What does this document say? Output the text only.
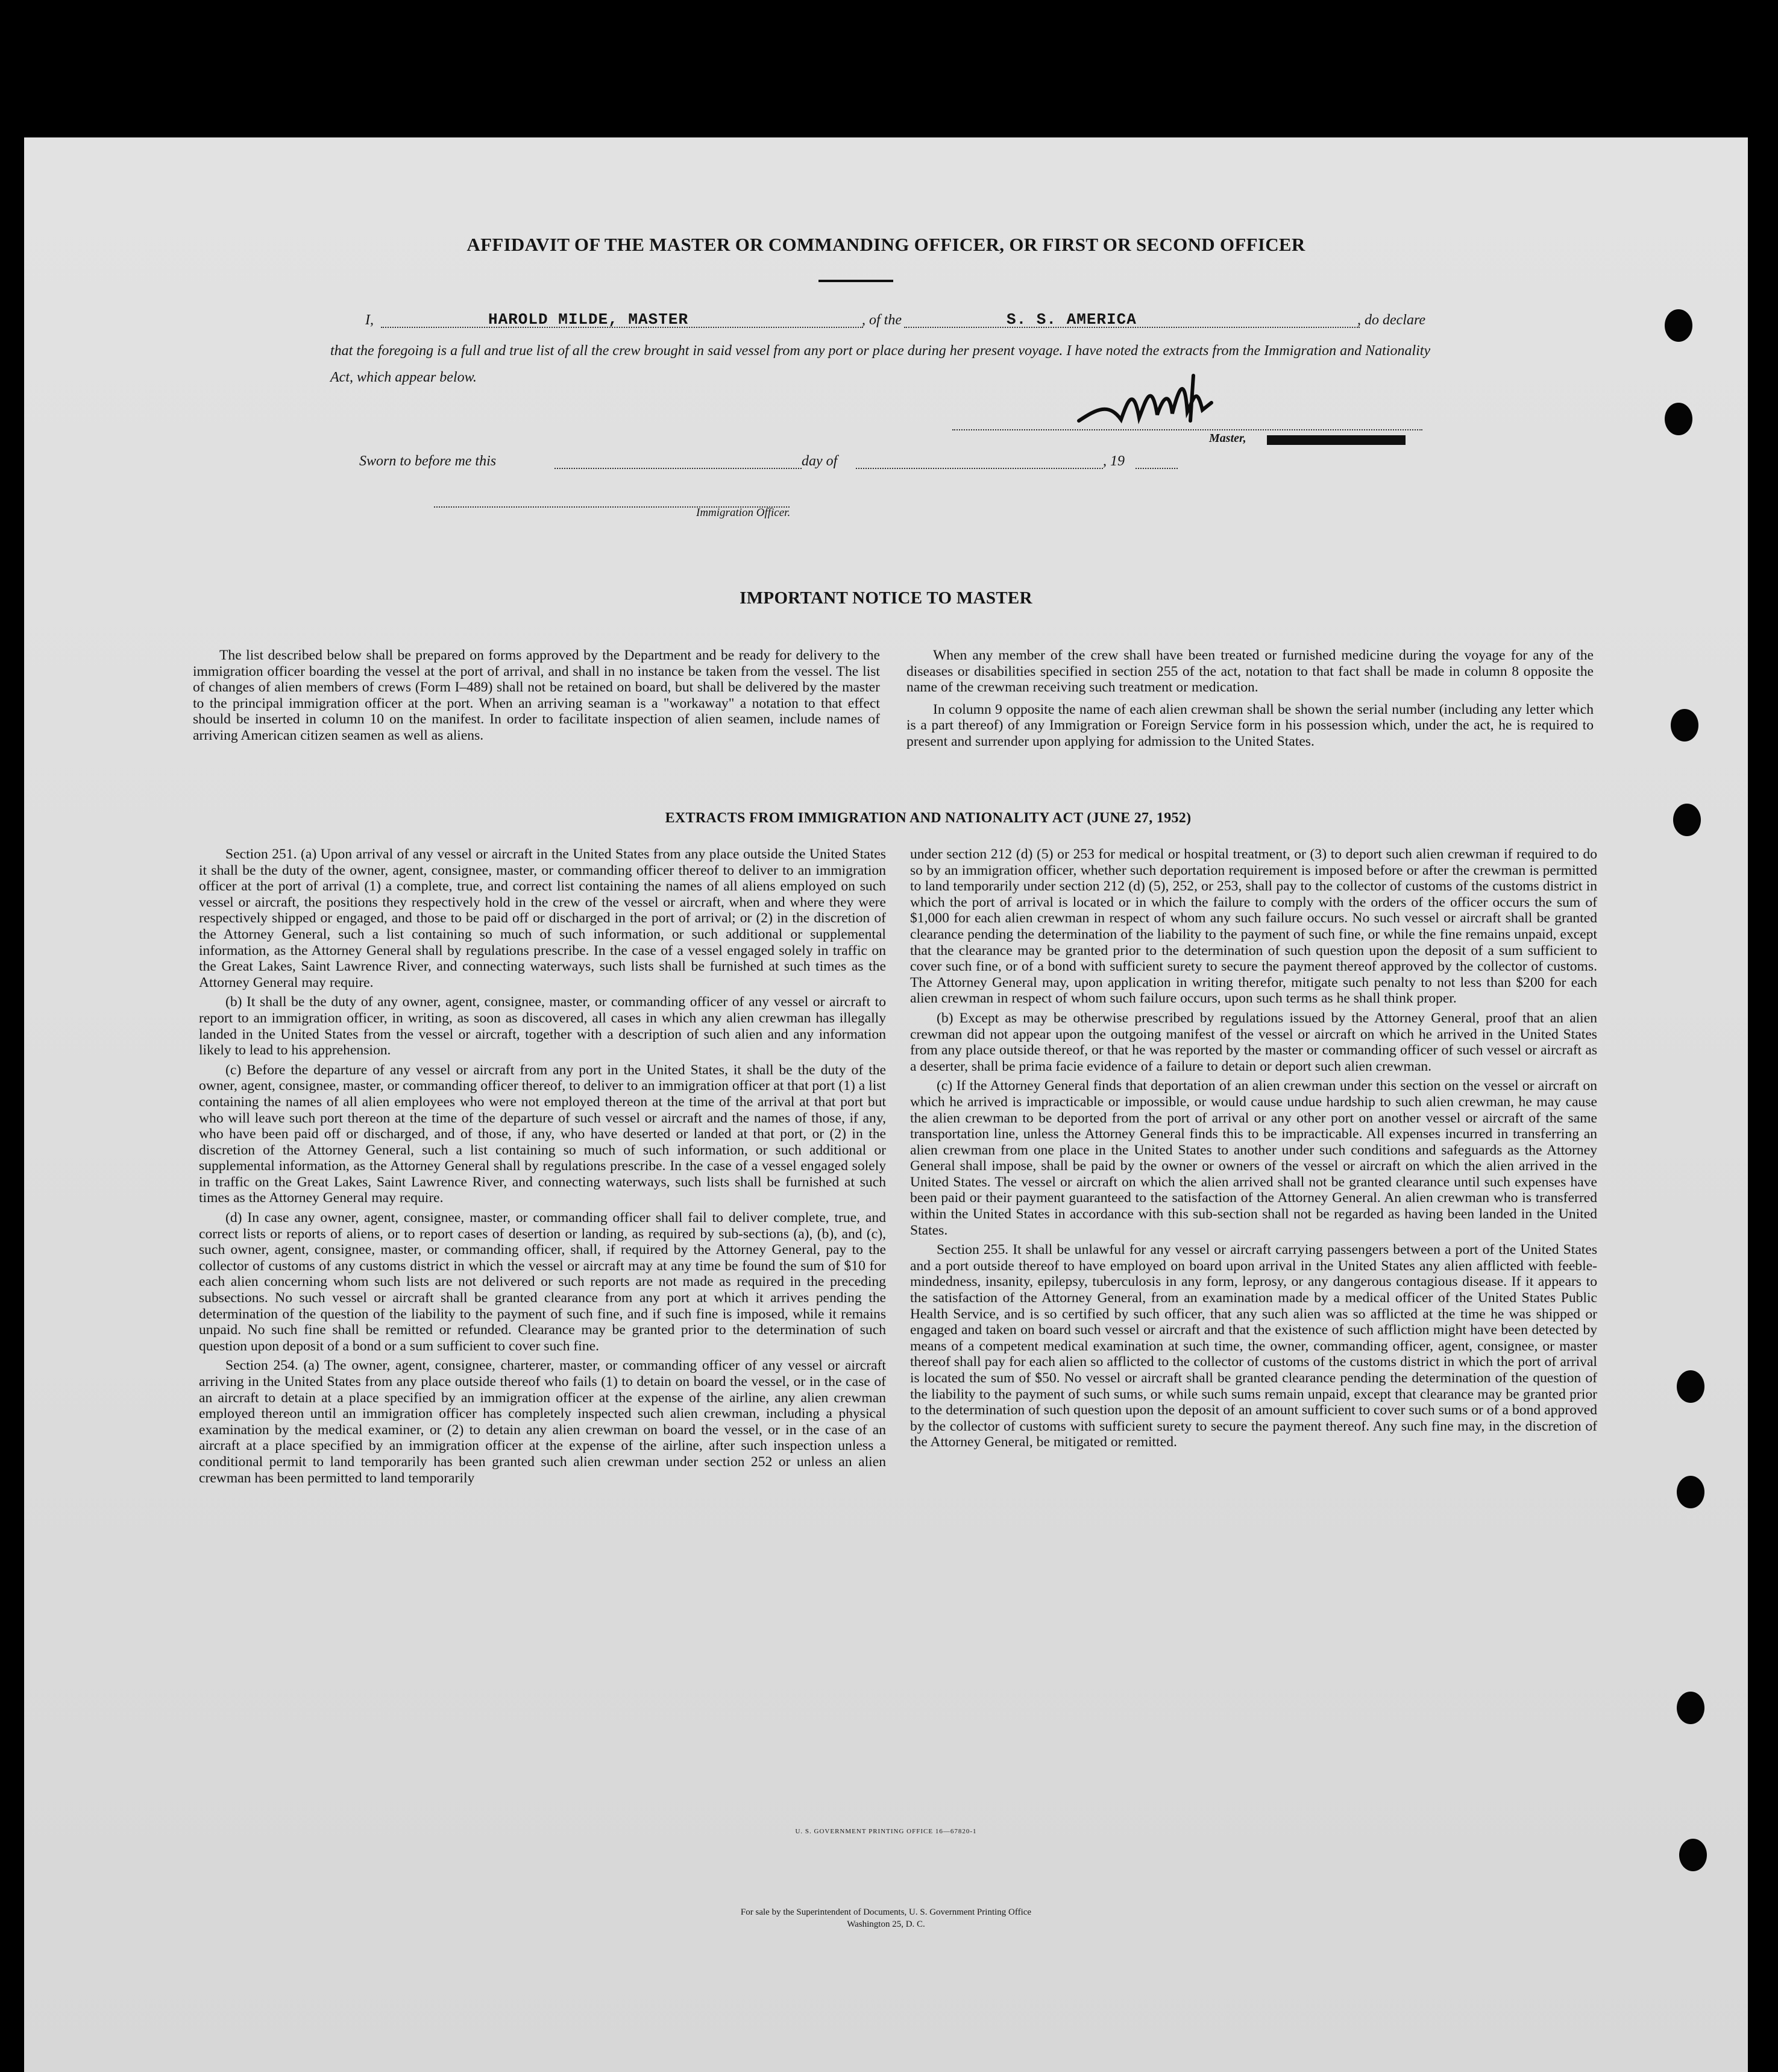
AFFIDAVIT OF THE MASTER OR COMMANDING OFFICER, OR FIRST OR SECOND OFFICER
I,	HAROLD MILDE, MASTER	, of the	S. S. AMERICA	, do declare
that the foregoing is a full and true list of all the crew brought in said vessel from any port or place during her present voyage. I have noted the extracts from the Immigration and Nationality Act, which appear below.
Master,
Sworn to before me this	day of	, 19
Immigration Officer.
IMPORTANT NOTICE TO MASTER

The list described below shall be prepared on forms approved by the Department and be ready for delivery to the immigration officer boarding the vessel at the port of arrival, and shall in no instance be taken from the vessel. The list of changes of alien members of crews (Form I–489) shall not be retained on board, but shall be delivered by the master to the principal immigration officer at the port. When an arriving seaman is a "workaway" a notation to that effect should be inserted in column 10 on the manifest. In order to facilitate inspection of alien seamen, include names of arriving American citizen seamen as well as aliens.

When any member of the crew shall have been treated or furnished medicine during the voyage for any of the diseases or disabilities specified in section 255 of the act, notation to that fact shall be made in column 8 opposite the name of the crewman receiving such treatment or medication.

In column 9 opposite the name of each alien crewman shall be shown the serial number (including any letter which is a part thereof) of any Immigration or Foreign Service form in his possession which, under the act, he is required to present and surrender upon applying for admission to the United States.

EXTRACTS FROM IMMIGRATION AND NATIONALITY ACT (JUNE 27, 1952)

Section 251. (a) Upon arrival of any vessel or aircraft in the United States from any place outside the United States it shall be the duty of the owner, agent, consignee, master, or commanding officer thereof to deliver to an immigration officer at the port of arrival (1) a complete, true, and correct list containing the names of all aliens employed on such vessel or aircraft, the positions they respectively hold in the crew of the vessel or aircraft, when and where they were respectively shipped or engaged, and those to be paid off or discharged in the port of arrival; or (2) in the discretion of the Attorney General, such a list containing so much of such information, or such additional or supplemental information, as the Attorney General shall by regulations prescribe. In the case of a vessel engaged solely in traffic on the Great Lakes, Saint Lawrence River, and connecting waterways, such lists shall be furnished at such times as the Attorney General may require.

(b) It shall be the duty of any owner, agent, consignee, master, or commanding officer of any vessel or aircraft to report to an immigration officer, in writing, as soon as discovered, all cases in which any alien crewman has illegally landed in the United States from the vessel or aircraft, together with a description of such alien and any information likely to lead to his apprehension.

(c) Before the departure of any vessel or aircraft from any port in the United States, it shall be the duty of the owner, agent, consignee, master, or commanding officer thereof, to deliver to an immigration officer at that port (1) a list containing the names of all alien employees who were not employed thereon at the time of the arrival at that port but who will leave such port thereon at the time of the departure of such vessel or aircraft and the names of those, if any, who have been paid off or discharged, and of those, if any, who have deserted or landed at that port, or (2) in the discretion of the Attorney General, such a list containing so much of such information, or such additional or supplemental information, as the Attorney General shall by regulations prescribe. In the case of a vessel engaged solely in traffic on the Great Lakes, Saint Lawrence River, and connecting waterways, such lists shall be furnished at such times as the Attorney General may require.

(d) In case any owner, agent, consignee, master, or commanding officer shall fail to deliver complete, true, and correct lists or reports of aliens, or to report cases of desertion or landing, as required by sub-sections (a), (b), and (c), such owner, agent, consignee, master, or commanding officer, shall, if required by the Attorney General, pay to the collector of customs of any customs district in which the vessel or aircraft may at any time be found the sum of $10 for each alien concerning whom such lists are not delivered or such reports are not made as required in the preceding subsections. No such vessel or aircraft shall be granted clearance from any port at which it arrives pending the determination of the question of the liability to the payment of such fine, and if such fine is imposed, while it remains unpaid. No such fine shall be remitted or refunded. Clearance may be granted prior to the determination of such question upon deposit of a bond or a sum sufficient to cover such fine.

Section 254. (a) The owner, agent, consignee, charterer, master, or commanding officer of any vessel or aircraft arriving in the United States from any place outside thereof who fails (1) to detain on board the vessel, or in the case of an aircraft to detain at a place specified by an immigration officer at the expense of the airline, any alien crewman employed thereon until an immigration officer has completely inspected such alien crewman, including a physical examination by the medical examiner, or (2) to detain any alien crewman on board the vessel, or in the case of an aircraft at a place specified by an immigration officer at the expense of the airline, after such inspection unless a conditional permit to land temporarily has been granted such alien crewman under section 252 or unless an alien crewman has been permitted to land temporarily

under section 212 (d) (5) or 253 for medical or hospital treatment, or (3) to deport such alien crewman if required to do so by an immigration officer, whether such deportation requirement is imposed before or after the crewman is permitted to land temporarily under section 212 (d) (5), 252, or 253, shall pay to the collector of customs of the customs district in which the port of arrival is located or in which the failure to comply with the orders of the officer occurs the sum of $1,000 for each alien crewman in respect of whom any such failure occurs. No such vessel or aircraft shall be granted clearance pending the determination of the liability to the payment of such fine, or while the fine remains unpaid, except that the clearance may be granted prior to the determination of such question upon the deposit of a sum sufficient to cover such fine, or of a bond with sufficient surety to secure the payment thereof approved by the collector of customs. The Attorney General may, upon application in writing therefor, mitigate such penalty to not less than $200 for each alien crewman in respect of whom such failure occurs, upon such terms as he shall think proper.

(b) Except as may be otherwise prescribed by regulations issued by the Attorney General, proof that an alien crewman did not appear upon the outgoing manifest of the vessel or aircraft on which he arrived in the United States from any place outside thereof, or that he was reported by the master or commanding officer of such vessel or aircraft as a deserter, shall be prima facie evidence of a failure to detain or deport such alien crewman.

(c) If the Attorney General finds that deportation of an alien crewman under this section on the vessel or aircraft on which he arrived is impracticable or impossible, or would cause undue hardship to such alien crewman, he may cause the alien crewman to be deported from the port of arrival or any other port on another vessel or aircraft of the same transportation line, unless the Attorney General finds this to be impracticable. All expenses incurred in transferring an alien crewman from one place in the United States to another under such conditions and safeguards as the Attorney General shall impose, shall be paid by the owner or owners of the vessel or aircraft on which the alien arrived in the United States. The vessel or aircraft on which the alien arrived shall not be granted clearance until such expenses have been paid or their payment guaranteed to the satisfaction of the Attorney General. An alien crewman who is transferred within the United States in accordance with this sub-section shall not be regarded as having been landed in the United States.

Section 255. It shall be unlawful for any vessel or aircraft carrying passengers between a port of the United States and a port outside thereof to have employed on board upon arrival in the United States any alien afflicted with feeble-mindedness, insanity, epilepsy, tuberculosis in any form, leprosy, or any dangerous contagious disease. If it appears to the satisfaction of the Attorney General, from an examination made by a medical officer of the United States Public Health Service, and is so certified by such officer, that any such alien was so afflicted at the time he was shipped or engaged and taken on board such vessel or aircraft and that the existence of such affliction might have been detected by means of a competent medical examination at such time, the owner, commanding officer, agent, consignee, or master thereof shall pay for each alien so afflicted to the collector of customs of the customs district in which the port of arrival is located the sum of $50. No vessel or aircraft shall be granted clearance pending the determination of the question of the liability to the payment of such sums, or while such sums remain unpaid, except that clearance may be granted prior to the determination of such question upon the deposit of an amount sufficient to cover such sums or of a bond approved by the collector of customs with sufficient surety to secure the payment thereof. Any such fine may, in the discretion of the Attorney General, be mitigated or remitted.

U. S. GOVERNMENT PRINTING OFFICE 16—67820-1
For sale by the Superintendent of Documents, U. S. Government Printing Office
Washington 25, D. C.
